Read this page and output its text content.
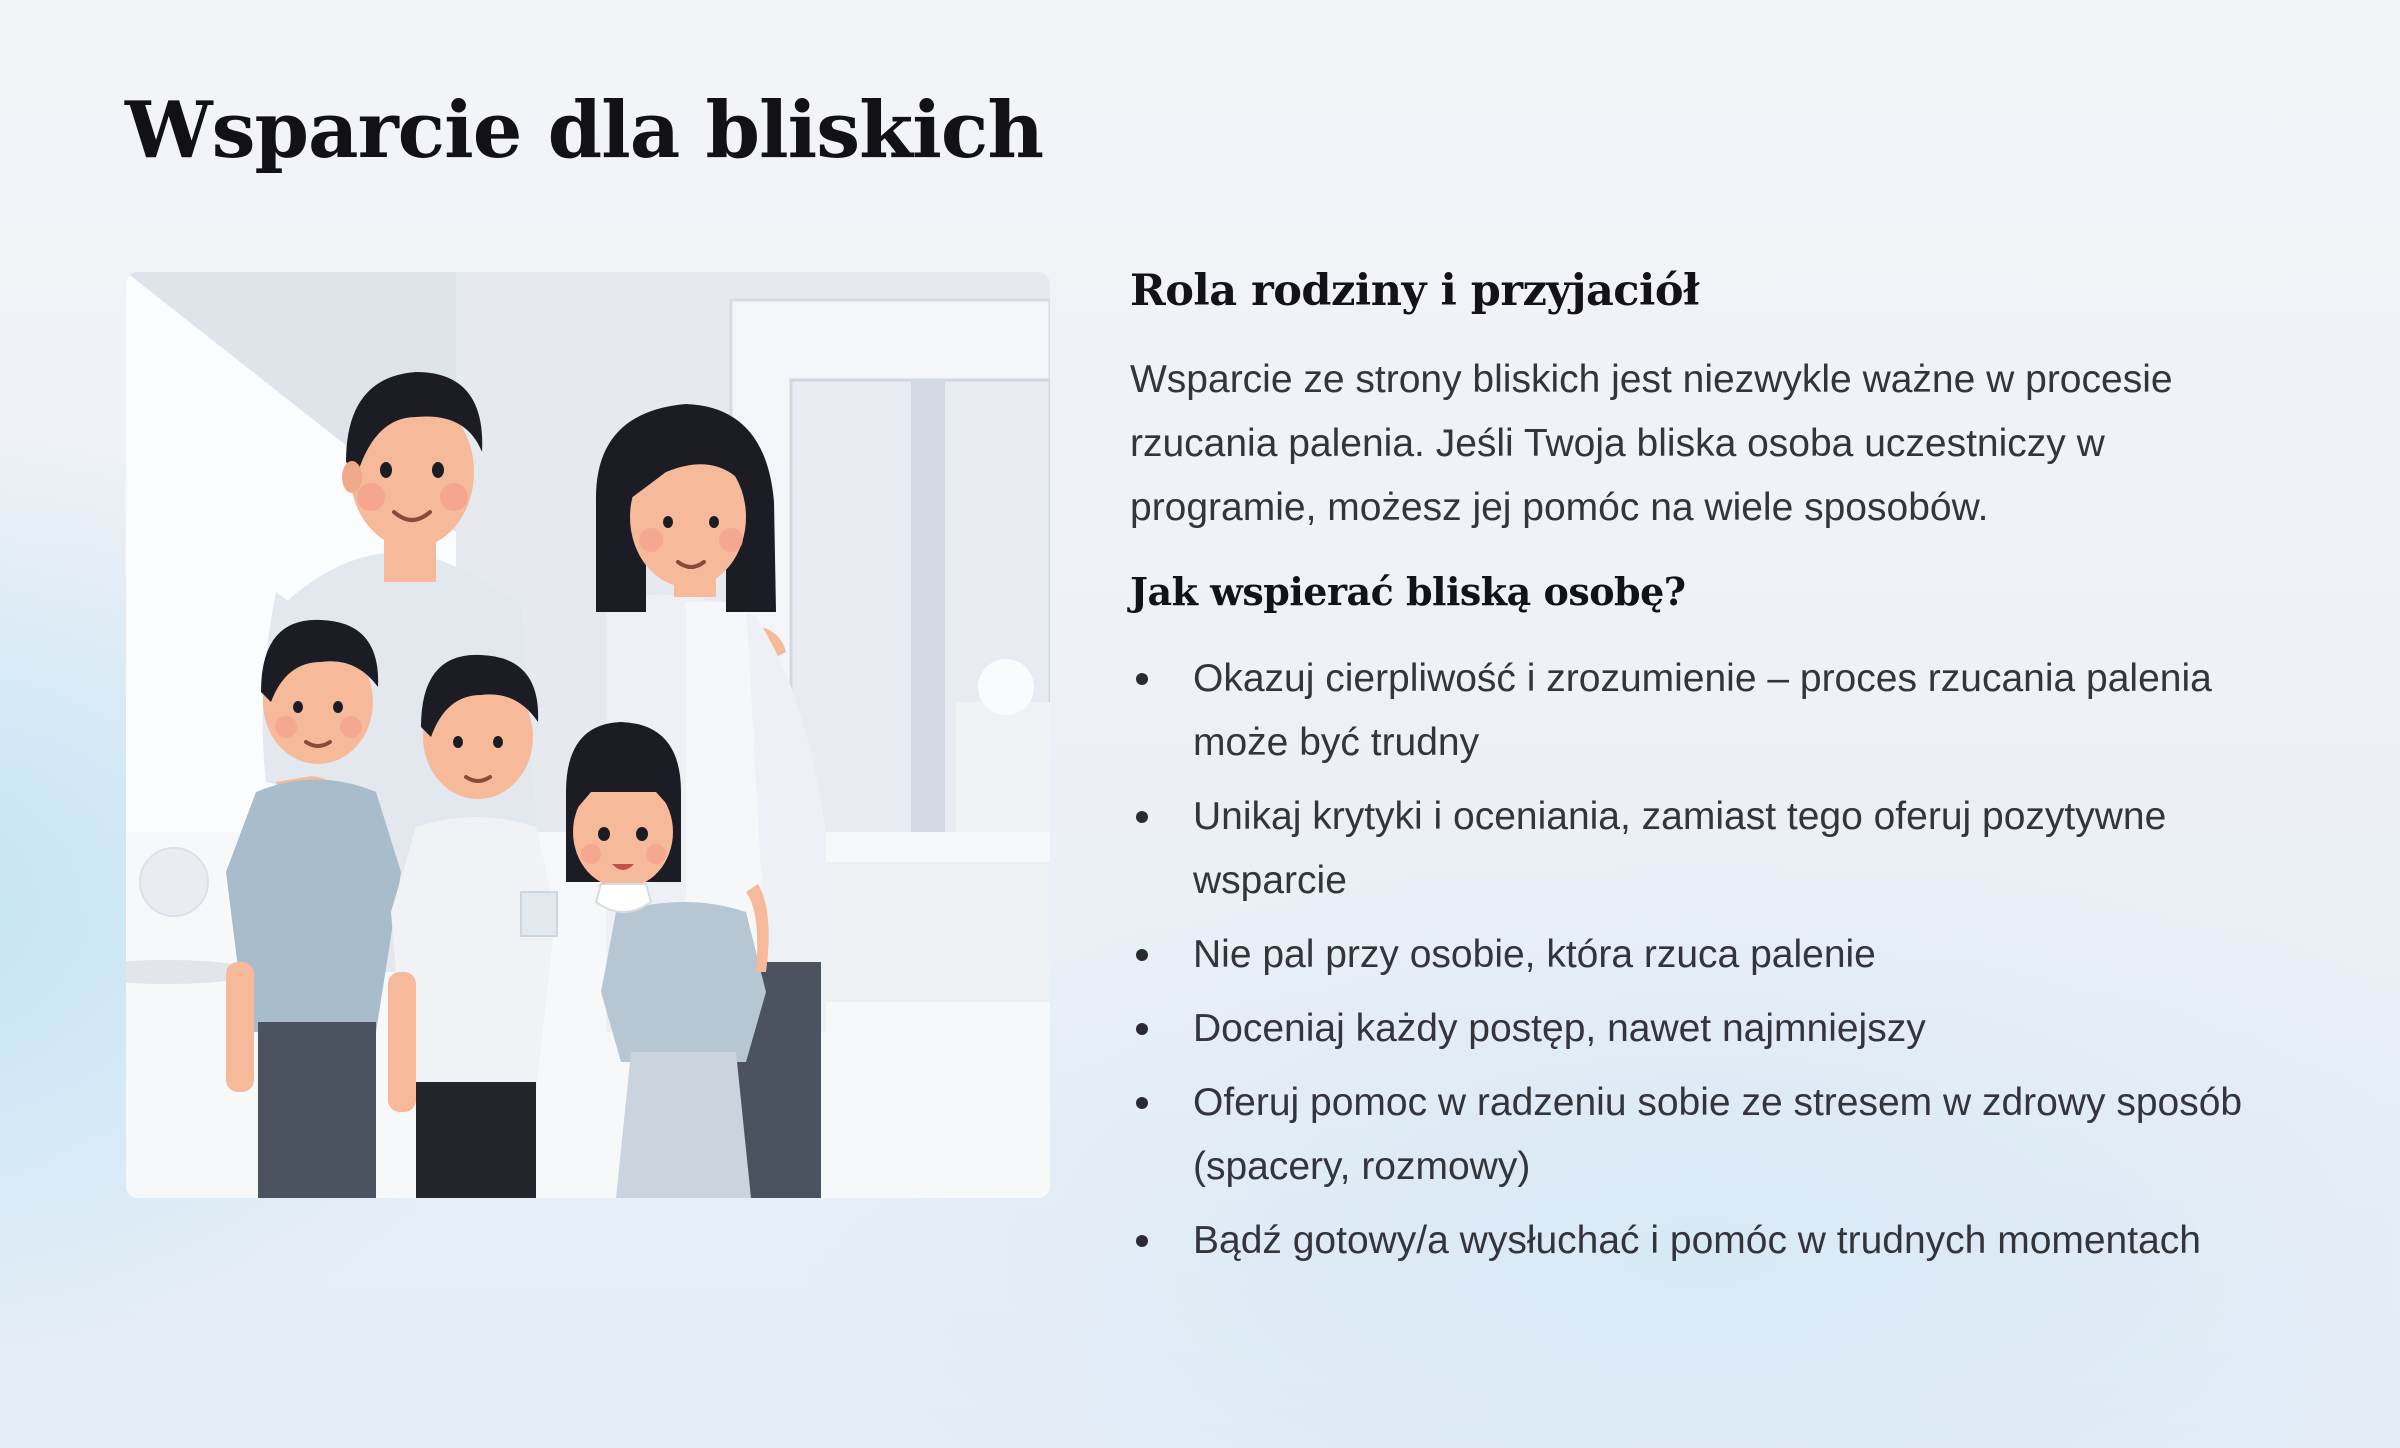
Wsparcie dla bliskich
Rola rodziny i przyjaciół

Wsparcie ze strony bliskich jest niezwykle ważne w procesie rzucania palenia. Jeśli Twoja bliska osoba uczestniczy w programie, możesz jej pomóc na wiele sposobów.

Jak wspierać bliską osobę?
Okazuj cierpliwość i zrozumienie – proces rzucania palenia może być trudny
Unikaj krytyki i oceniania, zamiast tego oferuj pozytywne wsparcie
Nie pal przy osobie, która rzuca palenie
Doceniaj każdy postęp, nawet najmniejszy
Oferuj pomoc w radzeniu sobie ze stresem w zdrowy sposób (spacery, rozmowy)
Bądź gotowy/a wysłuchać i pomóc w trudnych momentach
